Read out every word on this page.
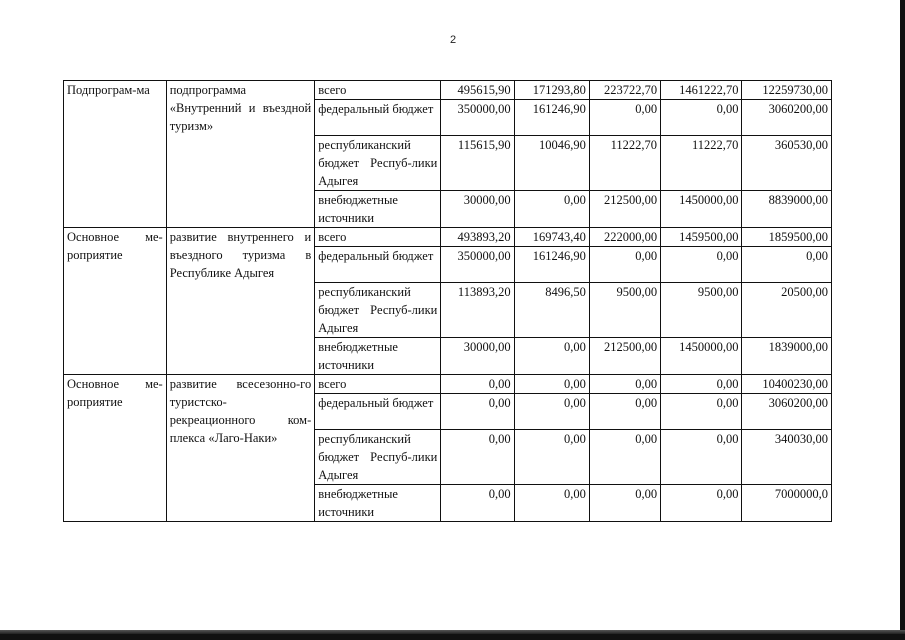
2
Подпрограм-ма	подпрограмма «Внутренний и въездной туризм»	всего	495615,90	171293,80	223722,70	1461222,70	12259730,00
		федеральный бюджет	350000,00	161246,90	0,00	0,00	3060200,00
		республиканский бюджет Респуб-лики Адыгея	115615,90	10046,90	11222,70	11222,70	360530,00
		внебюджетные источники	30000,00	0,00	212500,00	1450000,00	8839000,00
Основное ме-роприятие	развитие внутреннего и въездного туризма в Республике Адыгея	всего	493893,20	169743,40	222000,00	1459500,00	1859500,00
		федеральный бюджет	350000,00	161246,90	0,00	0,00	0,00
		республиканский бюджет Респуб-лики Адыгея	113893,20	8496,50	9500,00	9500,00	20500,00
		внебюджетные источники	30000,00	0,00	212500,00	1450000,00	1839000,00
Основное ме-роприятие	развитие всесезонно-го туристско-рекреационного ком-плекса «Лаго-Наки»	всего	0,00	0,00	0,00	0,00	10400230,00
		федеральный бюджет	0,00	0,00	0,00	0,00	3060200,00
		республиканский бюджет Респуб-лики Адыгея	0,00	0,00	0,00	0,00	340030,00
		внебюджетные источники	0,00	0,00	0,00	0,00	7000000,0
